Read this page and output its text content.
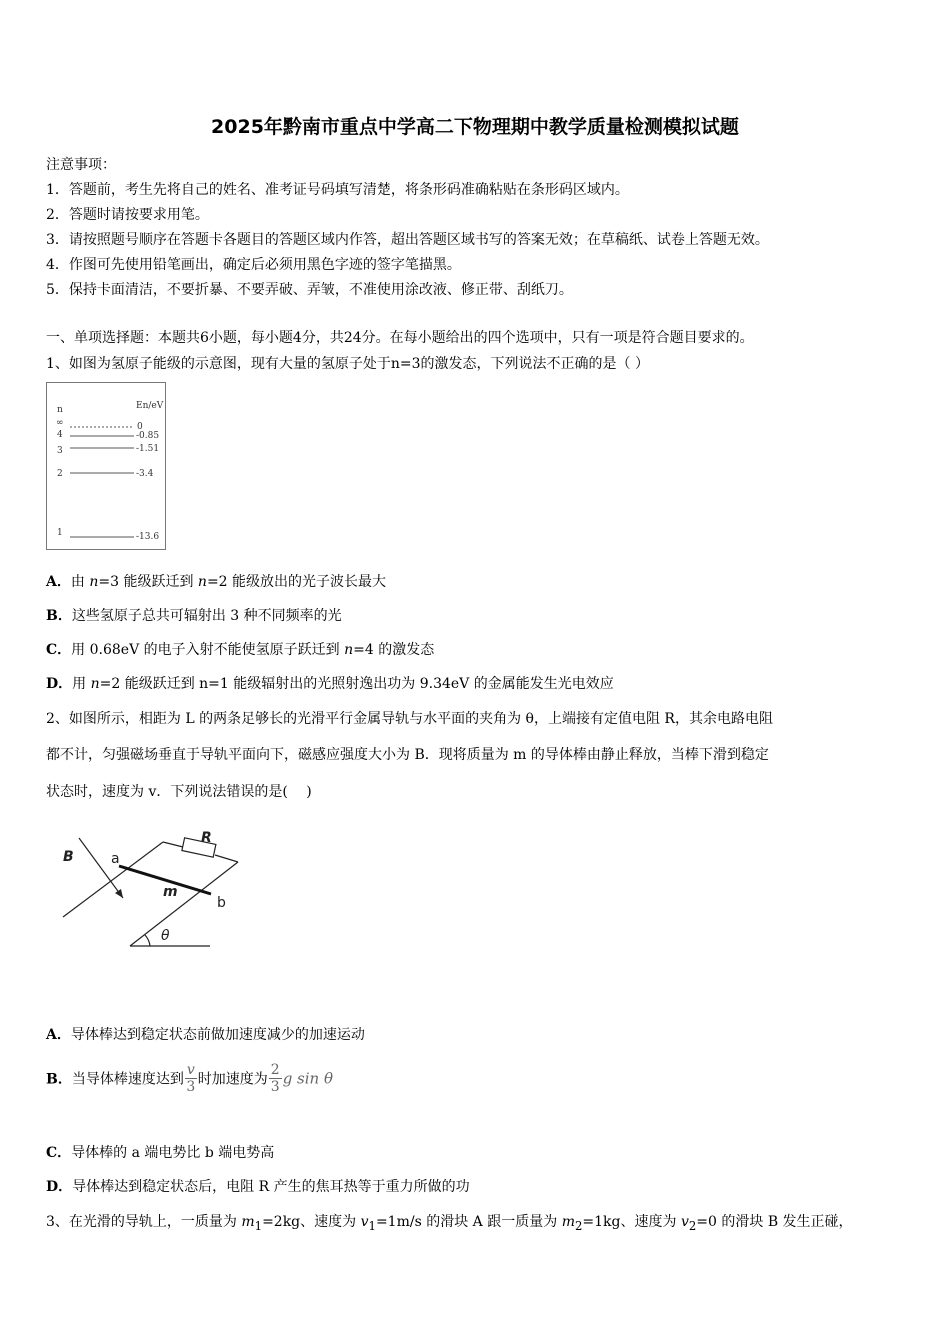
2025年黔南市重点中学高二下物理期中教学质量检测模拟试题
注意事项：
1．答题前，考生先将自己的姓名、准考证号码填写清楚，将条形码准确粘贴在条形码区域内。
2．答题时请按要求用笔。
3．请按照题号顺序在答题卡各题目的答题区域内作答，超出答题区域书写的答案无效；在草稿纸、试卷上答题无效。
4．作图可先使用铅笔画出，确定后必须用黑色字迹的签字笔描黑。
5．保持卡面清洁，不要折暴、不要弄破、弄皱，不准使用涂改液、修正带、刮纸刀。
一、单项选择题：本题共6小题，每小题4分，共24分。在每小题给出的四个选项中，只有一项是符合题目要求的。
1、如图为氢原子能级的示意图，现有大量的氢原子处于n=3的激发态，下列说法不正确的是（ ）
n	En/eV
∞
4
3
2
1
0
-0.85
-1.51
-3.4
-13.6
A．由 n=3 能级跃迁到 n=2 能级放出的光子波长最大
B．这些氢原子总共可辐射出 3 种不同频率的光
C．用 0.68eV 的电子入射不能使氢原子跃迁到 n=4 的激发态
D．用 n=2 能级跃迁到 n=1 能级辐射出的光照射逸出功为 9.34eV 的金属能发生光电效应
2、如图所示，相距为 L 的两条足够长的光滑平行金属导轨与水平面的夹角为 θ，上端接有定值电阻 R，其余电路电阻
都不计，匀强磁场垂直于导轨平面向下，磁感应强度大小为 B．现将质量为 m 的导体棒由静止释放，当棒下滑到稳定
状态时，速度为 v．下列说法错误的是(　 )
B	a
b
R
m
θ
A．导体棒达到稳定状态前做加速度减少的加速运动
B．当导体棒速度达到 $\frac{v}{3}$ 时加速度为 $\frac{2}{3}$ g sin θ
C．导体棒的 a 端电势比 b 端电势高
D．导体棒达到稳定状态后，电阻 R 产生的焦耳热等于重力所做的功
3、在光滑的导轨上，一质量为 $m_1=2kg$、速度为 $v_1=1m/s$ 的滑块 A 跟一质量为 $m_2=1kg$、速度为 $v_2=0$ 的滑块 B 发生正碰，
